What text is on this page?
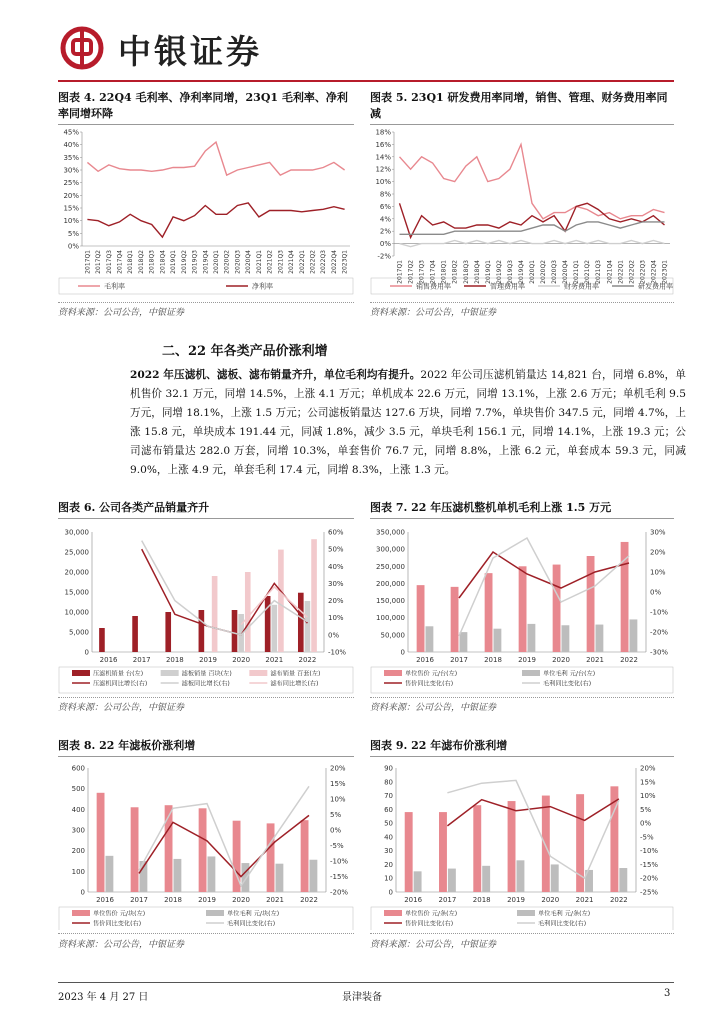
中银证券
图表 4. 22Q4 毛利率、净利率同增，23Q1 毛利率、净利率同增环降
45%
40%
35%
30%
25%
20%
15%
10%
5%
0%
2017Q1 2017Q2 2017Q3 2017Q4 2018Q1 2018Q2 2018Q3 2018Q4 2019Q1 2019Q2 2019Q3 2019Q4 2020Q1 2020Q2 2020Q3 2020Q4 2021Q1 2021Q2 2021Q3 2021Q4 2022Q1 2022Q2 2022Q3 2022Q4 2023Q1
毛利率	净利率
资料来源：公司公告，中银证券
图表 5. 23Q1 研发费用率同增，销售、管理、财务费用率同减
18%
16%
14%
12%
10%
8%
6%
4%
2%
0%
-2%
2017Q1 2017Q2 2017Q3 2017Q4 2018Q1 2018Q2 2018Q3 2018Q4 2019Q1 2019Q2 2019Q3 2019Q4 2020Q1 2020Q2 2020Q3 2020Q4 2021Q1 2021Q2 2021Q3 2021Q4 2022Q1 2022Q2 2022Q3 2022Q4 2023Q1
销售费用率	管理费用率	财务费用率	研发费用率
资料来源：公司公告，中银证券
二、22 年各类产品价涨利增
2022 年压滤机、滤板、滤布销量齐升，单位毛利均有提升。2022 年公司压滤机销量达 14,821 台，同增 6.8%，单机售价 32.1 万元，同增 14.5%，上涨 4.1 万元；单机成本 22.6 万元，同增 13.1%，上涨 2.6 万元；单机毛利 9.5 万元，同增 18.1%，上涨 1.5 万元；公司滤板销量达 127.6 万块，同增 7.7%，单块售价 347.5 元，同增 4.7%，上涨 15.8 元，单块成本 191.44 元，同减 1.8%，减少 3.5 元，单块毛利 156.1 元，同增 14.1%，上涨 19.3 元；公司滤布销量达 282.0 万套，同增 10.3%，单套售价 76.7 元，同增 8.8%，上涨 6.2 元，单套成本 59.3 元，同减 9.0%，上涨 4.9 元，单套毛利 17.4 元，同增 8.3%，上涨 1.3 元。
图表 6. 公司各类产品销量齐升
30,000
25,000
20,000
15,000
10,000
5,000
0
60%
50%
40%
30%
20%
10%
0%
-10%
2016 2017 2018 2019 2020 2021 2022
压滤机销量 台(左)	滤板销量 百块(左)	滤布销量 百套(左)
压滤机同比增长(右)	滤板同比增长(右)	滤布同比增长(右)
资料来源：公司公告，中银证券
图表 7. 22 年压滤机整机单机毛利上涨 1.5 万元
350,000
300,000
250,000
200,000
150,000
100,000
50,000
0
30%
20%
10%
0%
-10%
-20%
-30%
2016 2017 2018 2019 2020 2021 2022
单位售价 元/台(左)	单位毛利 元/台(左)
售价同比变化(右)	毛利同比变化(右)
资料来源：公司公告，中银证券
图表 8. 22 年滤板价涨利增
600
500
400
300
200
100
0
20%
15%
10%
5%
0%
-5%
-10%
-15%
-20%
2016 2017 2018 2019 2020 2021 2022
单位售价 元/块(左)	单位毛利 元/块(左)
售价同比变化(右)	毛利同比变化(右)
资料来源：公司公告，中银证券
图表 9. 22 年滤布价涨利增
90
80
70
60
50
40
30
20
10
0
20%
15%
10%
5%
0%
-5%
-10%
-15%
-20%
-25%
2016 2017 2018 2019 2020 2021 2022
单位售价 元/条(左)	单位毛利 元/条(左)
售价同比变化(右)	毛利同比变化(右)
资料来源：公司公告，中银证券
2023 年 4 月 27 日	景津装备	3
